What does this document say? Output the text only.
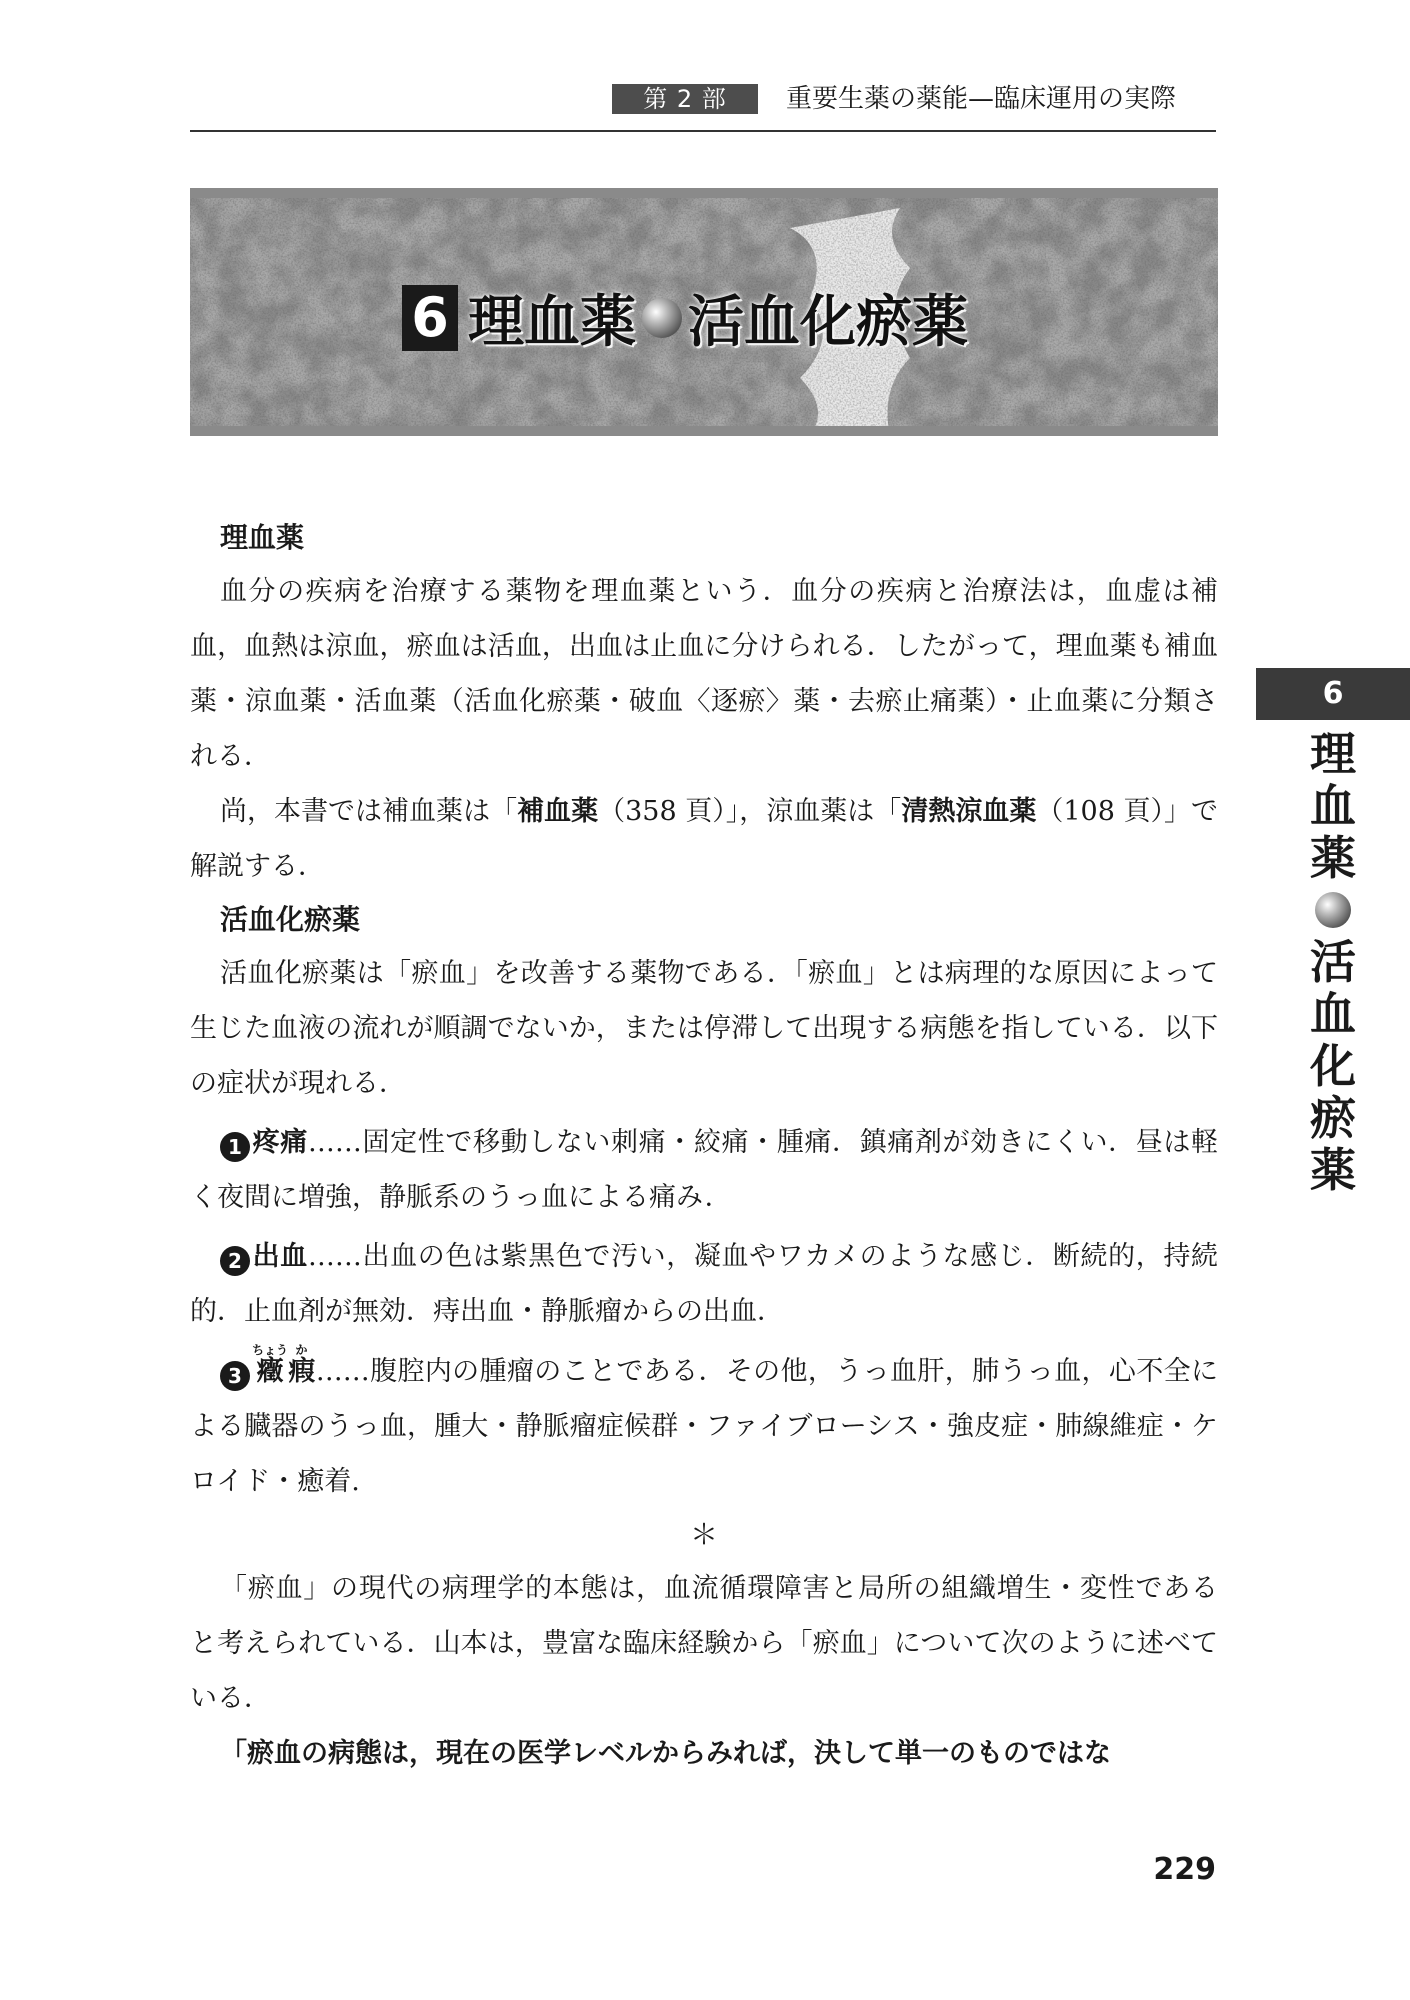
第 2 部	重要生薬の薬能—臨床運用の実際
6 理血薬 活血化瘀薬
6
理血薬
活血化瘀薬
理血薬

血分の疾病を治療する薬物を理血薬という．血分の疾病と治療法は，血虚は補血，血熱は涼血，瘀血は活血，出血は止血に分けられる．したがって，理血薬も補血薬・涼血薬・活血薬（活血化瘀薬・破血〈逐瘀〉薬・去瘀止痛薬）・止血薬に分類される．

尚，本書では補血薬は「補血薬（358 頁）」，涼血薬は「清熱涼血薬（108 頁）」で解説する．

活血化瘀薬

活血化瘀薬は「瘀血」を改善する薬物である．「瘀血」とは病理的な原因によって生じた血液の流れが順調でないか，または停滞して出現する病態を指している．以下の症状が現れる．

1 疼痛……固定性で移動しない刺痛・絞痛・腫痛．鎮痛剤が効きにくい．昼は軽く夜間に増強，静脈系のうっ血による痛み．

2 出血……出血の色は紫黒色で汚い，凝血やワカメのような感じ．断続的，持続的．止血剤が無効．痔出血・静脈瘤からの出血．

3 癥ちょう瘕か……腹腔内の腫瘤のことである．その他，うっ血肝，肺うっ血，心不全による臓器のうっ血，腫大・静脈瘤症候群・ファイブローシス・強皮症・肺線維症・ケロイド・癒着.

＊

「瘀血」の現代の病理学的本態は，血流循環障害と局所の組織増生・変性であると考えられている．山本は，豊富な臨床経験から「瘀血」について次のように述べている．

「瘀血の病態は，現在の医学レベルからみれば，決して単一のものではな

229
